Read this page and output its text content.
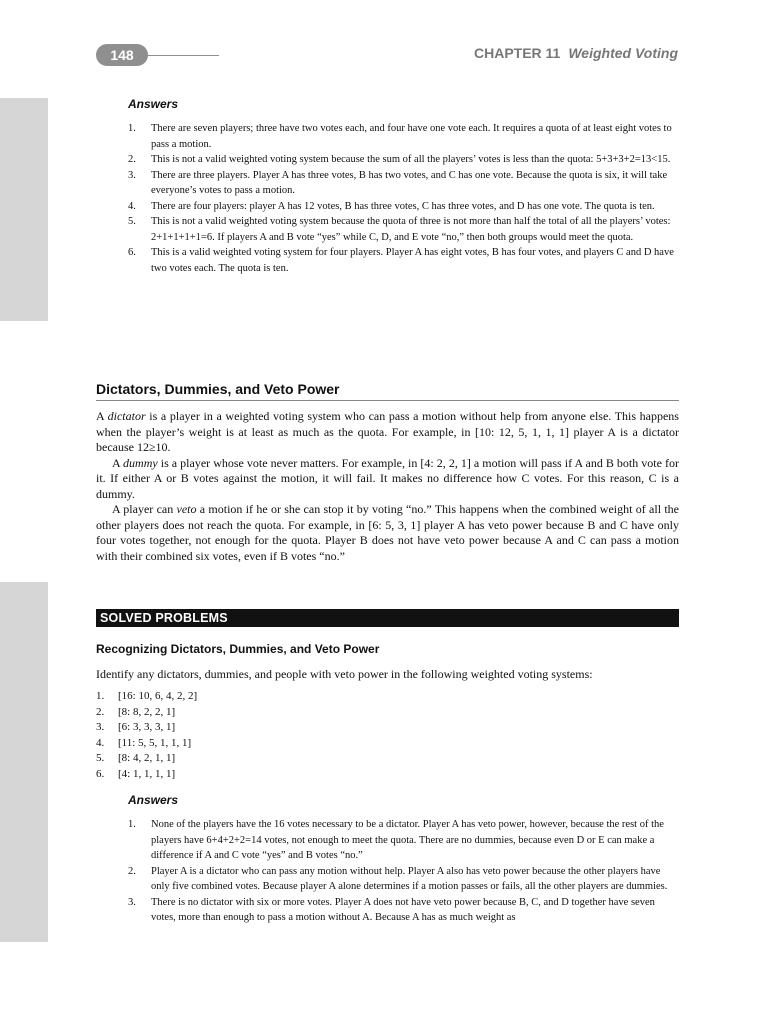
148	CHAPTER 11 Weighted Voting
Answers
1. There are seven players; three have two votes each, and four have one vote each. It requires a quota of at least eight votes to pass a motion.
2. This is not a valid weighted voting system because the sum of all the players’ votes is less than the quota: 5+3+3+2=13<15.
3. There are three players. Player A has three votes, B has two votes, and C has one vote. Because the quota is six, it will take everyone’s votes to pass a motion.
4. There are four players: player A has 12 votes, B has three votes, C has three votes, and D has one vote. The quota is ten.
5. This is not a valid weighted voting system because the quota of three is not more than half the total of all the players’ votes: 2+1+1+1+1=6. If players A and B vote “yes” while C, D, and E vote “no,” then both groups would meet the quota.
6. This is a valid weighted voting system for four players. Player A has eight votes, B has four votes, and players C and D have two votes each. The quota is ten.
Dictators, Dummies, and Veto Power

A dictator is a player in a weighted voting system who can pass a motion without help from anyone else. This happens when the player’s weight is at least as much as the quota. For example, in [10: 12, 5, 1, 1, 1] player A is a dictator because 12≥10.

A dummy is a player whose vote never matters. For example, in [4: 2, 2, 1] a motion will pass if A and B both vote for it. If either A or B votes against the motion, it will fail. It makes no difference how C votes. For this reason, C is a dummy.

A player can veto a motion if he or she can stop it by voting “no.” This happens when the combined weight of all the other players does not reach the quota. For example, in [6: 5, 3, 1] player A has veto power because B and C have only four votes together, not enough for the quota. Player B does not have veto power because A and C can pass a motion with their combined six votes, even if B votes “no.”

SOLVED PROBLEMS
Recognizing Dictators, Dummies, and Veto Power
Identify any dictators, dummies, and people with veto power in the following weighted voting systems:
1. [16: 10, 6, 4, 2, 2]
2. [8: 8, 2, 2, 1]
3. [6: 3, 3, 3, 1]
4. [11: 5, 5, 1, 1, 1]
5. [8: 4, 2, 1, 1]
6. [4: 1, 1, 1, 1]
Answers
1. None of the players have the 16 votes necessary to be a dictator. Player A has veto power, however, because the rest of the players have 6+4+2+2=14 votes, not enough to meet the quota. There are no dummies, because even D or E can make a difference if A and C vote “yes” and B votes “no.”
2. Player A is a dictator who can pass any motion without help. Player A also has veto power because the other players have only five combined votes. Because player A alone determines if a motion passes or fails, all the other players are dummies.
3. There is no dictator with six or more votes. Player A does not have veto power because B, C, and D together have seven votes, more than enough to pass a motion without A. Because A has as much weight as
